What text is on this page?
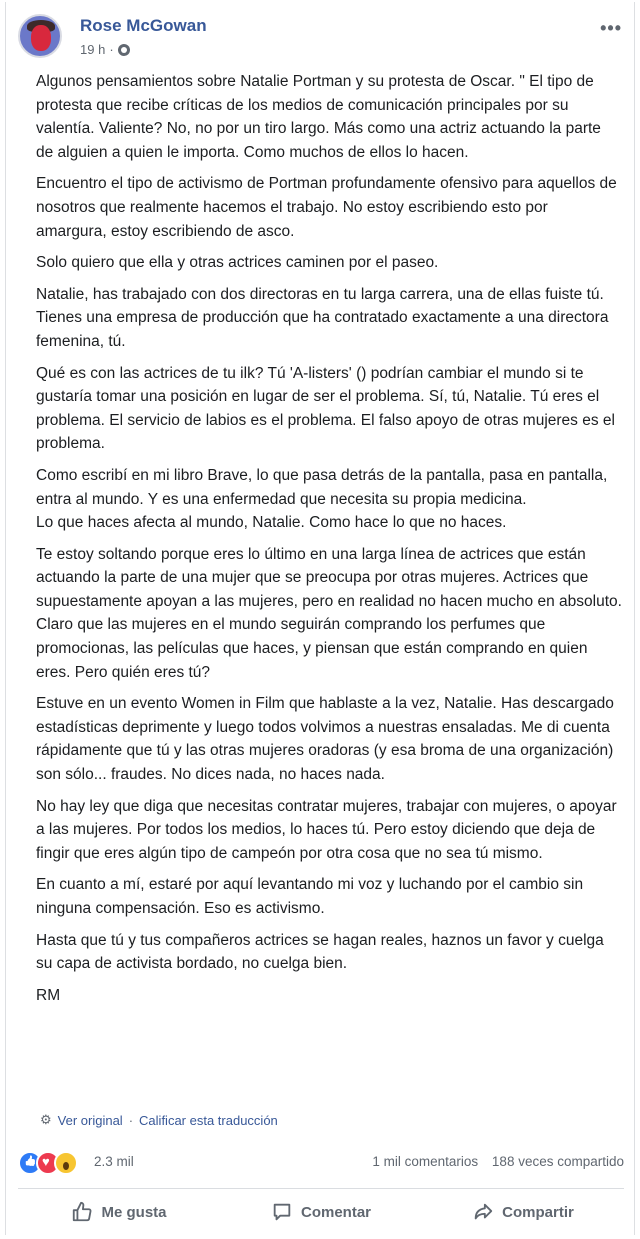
Rose McGowan
19 h ·
•••

Algunos pensamientos sobre Natalie Portman y su protesta de Oscar. " El tipo de protesta que recibe críticas de los medios de comunicación principales por su valentía. Valiente? No, no por un tiro largo. Más como una actriz actuando la parte de alguien a quien le importa. Como muchos de ellos lo hacen.

Encuentro el tipo de activismo de Portman profundamente ofensivo para aquellos de nosotros que realmente hacemos el trabajo. No estoy escribiendo esto por amargura, estoy escribiendo de asco.

Solo quiero que ella y otras actrices caminen por el paseo.

Natalie, has trabajado con dos directoras en tu larga carrera, una de ellas fuiste tú. Tienes una empresa de producción que ha contratado exactamente a una directora femenina, tú.

Qué es con las actrices de tu ilk? Tú 'A-listers' () podrían cambiar el mundo si te gustaría tomar una posición en lugar de ser el problema. Sí, tú, Natalie. Tú eres el problema. El servicio de labios es el problema. El falso apoyo de otras mujeres es el problema.

Como escribí en mi libro Brave, lo que pasa detrás de la pantalla, pasa en pantalla, entra al mundo. Y es una enfermedad que necesita su propia medicina.
Lo que haces afecta al mundo, Natalie. Como hace lo que no haces.

Te estoy soltando porque eres lo último en una larga línea de actrices que están actuando la parte de una mujer que se preocupa por otras mujeres. Actrices que supuestamente apoyan a las mujeres, pero en realidad no hacen mucho en absoluto. Claro que las mujeres en el mundo seguirán comprando los perfumes que promocionas, las películas que haces, y piensan que están comprando en quien eres. Pero quién eres tú?

Estuve en un evento Women in Film que hablaste a la vez, Natalie. Has descargado estadísticas deprimente y luego todos volvimos a nuestras ensaladas. Me di cuenta rápidamente que tú y las otras mujeres oradoras (y esa broma de una organización) son sólo... fraudes. No dices nada, no haces nada.

No hay ley que diga que necesitas contratar mujeres, trabajar con mujeres, o apoyar a las mujeres. Por todos los medios, lo haces tú. Pero estoy diciendo que deja de fingir que eres algún tipo de campeón por otra cosa que no sea tú mismo.

En cuanto a mí, estaré por aquí levantando mi voz y luchando por el cambio sin ninguna compensación. Eso es activismo.

Hasta que tú y tus compañeros actrices se hagan reales, haznos un favor y cuelga su capa de activista bordado, no cuelga bien.

RM

⚙ Ver original · Calificar esta traducción
👍
♥
2.3 mil	1 mil comentarios 188 veces compartido
Me gusta	Comentar	Compartir
